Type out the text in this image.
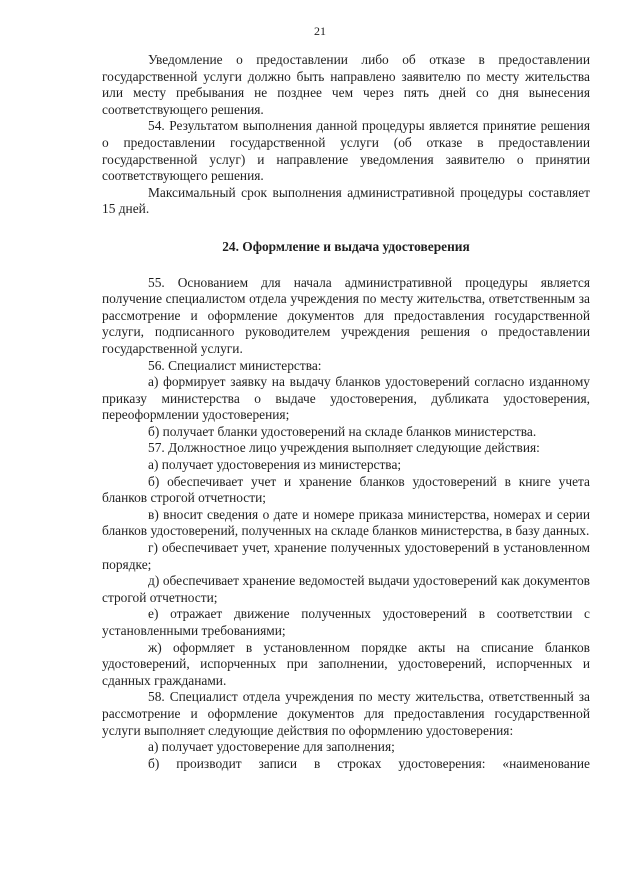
21

Уведомление о предоставлении либо об отказе в предоставлении государственной услуги должно быть направлено заявителю по месту жительства или месту пребывания не позднее чем через пять дней со дня вынесения соответствующего решения.

54. Результатом выполнения данной процедуры является принятие решения о предоставлении государственной услуги (об отказе в предоставлении государственной услуг) и направление уведомления заявителю о принятии соответствующего решения.

Максимальный срок выполнения административной процедуры составляет 15 дней.

24. Оформление и выдача удостоверения

55. Основанием для начала административной процедуры является получение специалистом отдела учреждения по месту жительства, ответственным за рассмотрение и оформление документов для предоставления государственной услуги, подписанного руководителем учреждения решения о предоставлении государственной услуги.

56. Специалист министерства:

а) формирует заявку на выдачу бланков удостоверений согласно изданному приказу министерства о выдаче удостоверения, дубликата удостоверения, переоформлении удостоверения;

б) получает бланки удостоверений на складе бланков министерства.

57. Должностное лицо учреждения выполняет следующие действия:

а) получает удостоверения из министерства;

б) обеспечивает учет и хранение бланков удостоверений в книге учета бланков строгой отчетности;

в) вносит сведения о дате и номере приказа министерства, номерах и серии бланков удостоверений, полученных на складе бланков министерства, в базу данных.

г) обеспечивает учет, хранение полученных удостоверений в установленном порядке;

д) обеспечивает хранение ведомостей выдачи удостоверений как документов строгой отчетности;

е) отражает движение полученных удостоверений в соответствии с установленными требованиями;

ж) оформляет в установленном порядке акты на списание бланков удостоверений, испорченных при заполнении, удостоверений, испорченных и сданных гражданами.

58. Специалист отдела учреждения по месту жительства, ответственный за рассмотрение и оформление документов для предоставления государственной услуги выполняет следующие действия по оформлению удостоверения:

а) получает удостоверение для заполнения;

б) производит записи в строках удостоверения: «наименование
